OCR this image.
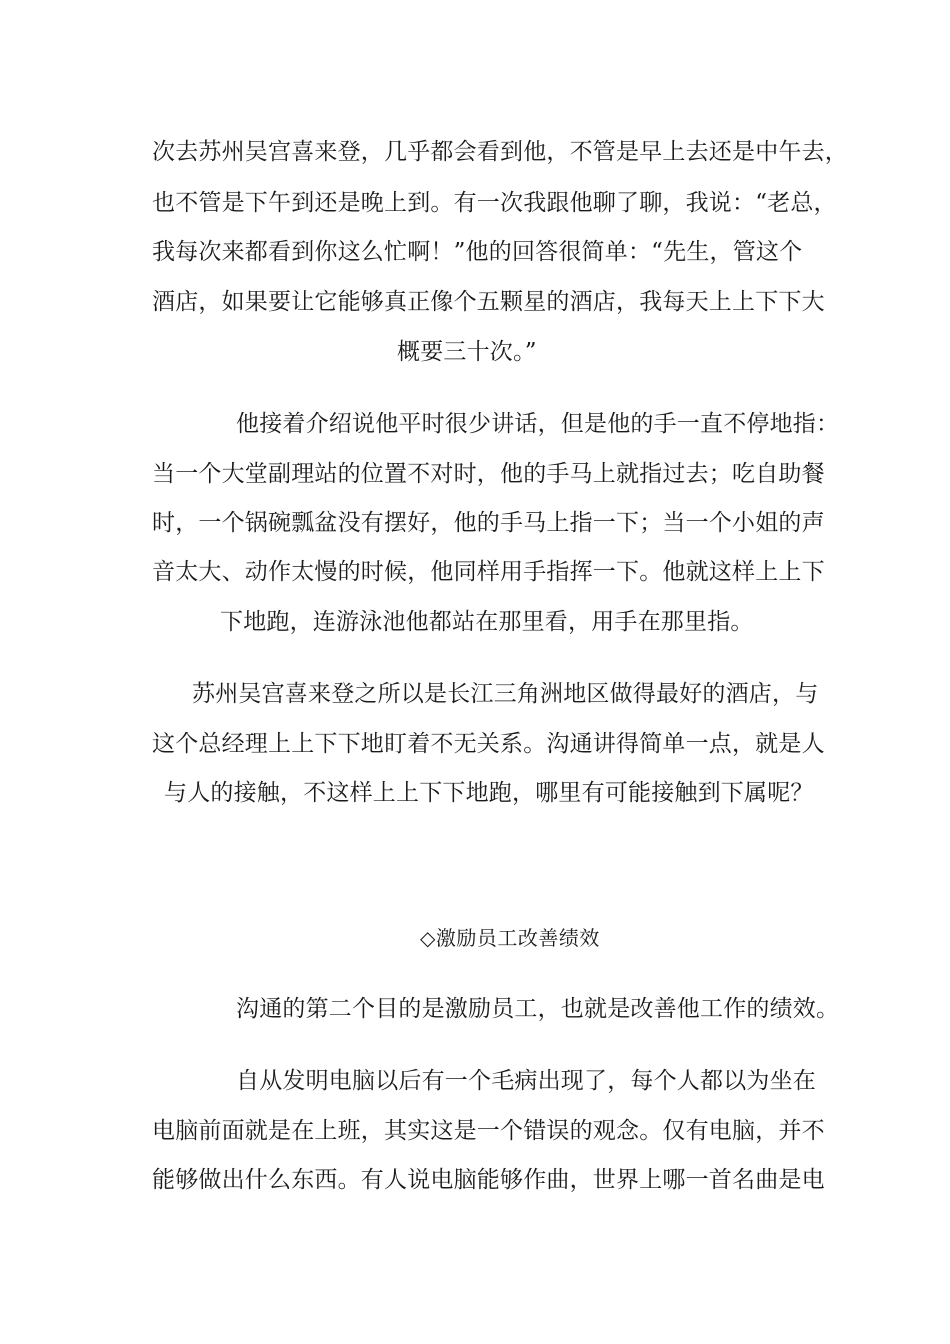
次去苏州吴宫喜来登，几乎都会看到他，不管是早上去还是中午去，
也不管是下午到还是晚上到。有一次我跟他聊了聊，我说：“老总，
我每次来都看到你这么忙啊！”他的回答很简单：“先生，管这个
酒店，如果要让它能够真正像个五颗星的酒店，我每天上上下下大
概要三十次。”
他接着介绍说他平时很少讲话，但是他的手一直不停地指：
当一个大堂副理站的位置不对时，他的手马上就指过去；吃自助餐
时，一个锅碗瓢盆没有摆好，他的手马上指一下；当一个小姐的声
音太大、动作太慢的时候，他同样用手指挥一下。他就这样上上下
下地跑，连游泳池他都站在那里看，用手在那里指。
苏州吴宫喜来登之所以是长江三角洲地区做得最好的酒店，与
这个总经理上上下下地盯着不无关系。沟通讲得简单一点，就是人
与人的接触，不这样上上下下地跑，哪里有可能接触到下属呢？
◇激励员工改善绩效
沟通的第二个目的是激励员工，也就是改善他工作的绩效。
自从发明电脑以后有一个毛病出现了，每个人都以为坐在
电脑前面就是在上班，其实这是一个错误的观念。仅有电脑，并不
能够做出什么东西。有人说电脑能够作曲，世界上哪一首名曲是电
